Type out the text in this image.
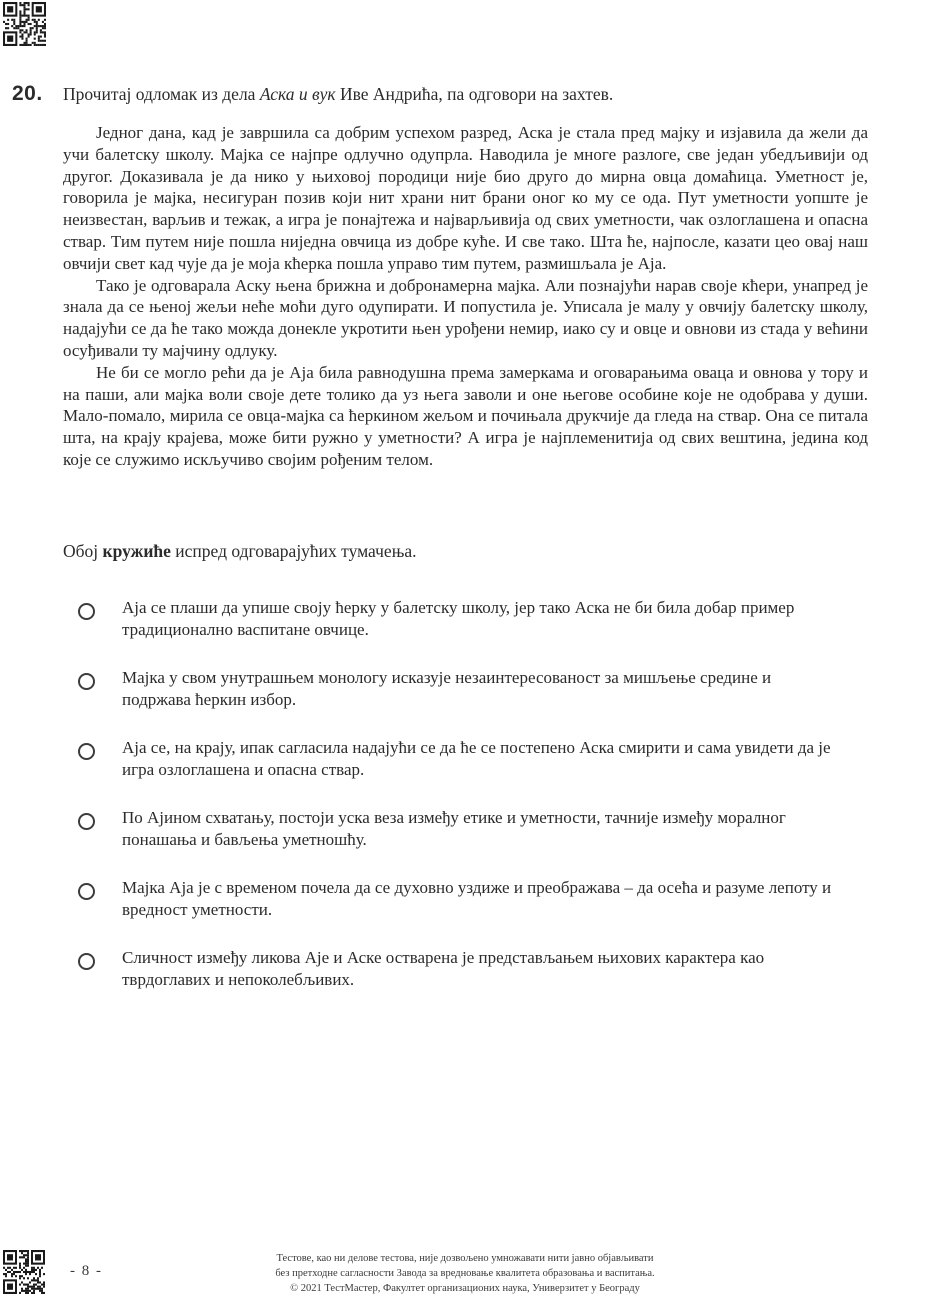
20.	Прочитај одломак из дела Аска и вук Иве Андрића, па одговори на захтев.

Једног дана, кад је завршила са добрим успехом разред, Аска је стала пред мајку и изјавила да жели да учи балетску школу. Мајка се најпре одлучно одупрла. Наводила је многе разлоге, све један убедљивији од другог. Доказивала је да нико у њиховој породици није био друго до мирна овца домаћица. Уметност је, говорила је мајка, несигуран позив који нит храни нит брани оног ко му се ода. Пут уметности уопште је неизвестан, варљив и тежак, а игра је понајтежа и најварљивија од свих уметности, чак озлоглашена и опасна ствар. Тим путем није пошла ниједна овчица из добре куће. И све тако. Шта ће, најпосле, казати цео овај наш овчији свет кад чује да је моја кћерка пошла управо тим путем, размишљала је Аја.

Тако је одговарала Аску њена брижна и добронамерна мајка. Али познајући нарав своје кћери, унапред је знала да се њеној жељи неће моћи дуго одупирати. И попустила је. Уписала је малу у овчију балетску школу, надајући се да ће тако можда донекле укротити њен урођени немир, иако су и овце и овнови из стада у већини осуђивали ту мајчину одлуку.

Не би се могло рећи да је Аја била равнодушна према замеркама и оговарањима оваца и овнова у тору и на паши, али мајка воли своје дете толико да уз њега заволи и оне његове особине које не одобрава у души. Мало-помало, мирила се овца-мајка са ћеркином жељом и почињала друкчије да гледа на ствар. Она се питала шта, на крају крајева, може бити ружно у уметности? А игра је најплеменитија од свих вештина, једина код које се служимо искључиво својим рођеним телом.

Обој кружиће испред одговарајућих тумачења.
Аја се плаши да упише своју ћерку у балетску школу, јер тако Аска не би била добар пример традиционално васпитане овчице.
Мајка у свом унутрашњем монологу исказује незаинтересованост за мишљење средине и подржава ћеркин избор.
Аја се, на крају, ипак сагласила надајући се да ће се постепено Аска смирити и сама увидети да је игра озлоглашена и опасна ствар.
По Ајином схватању, постоји уска веза између етике и уметности, тачније између моралног понашања и бављења уметношћу.
Мајка Аја је с временом почела да се духовно уздиже и преображава – да осећа и разуме лепоту и вредност уметности.
Сличност између ликова Аје и Аске остварена је представљањем њихових карактера као тврдоглавих и непоколебљивих.
- 8 -
Тестове, као ни делове тестова, није дозвољено умножавати нити јавно објављивати
без претходне сагласности Завода за вредновање квалитета образовања и васпитања.
© 2021 ТестМастер, Факултет организационих наука, Универзитет у Београду
